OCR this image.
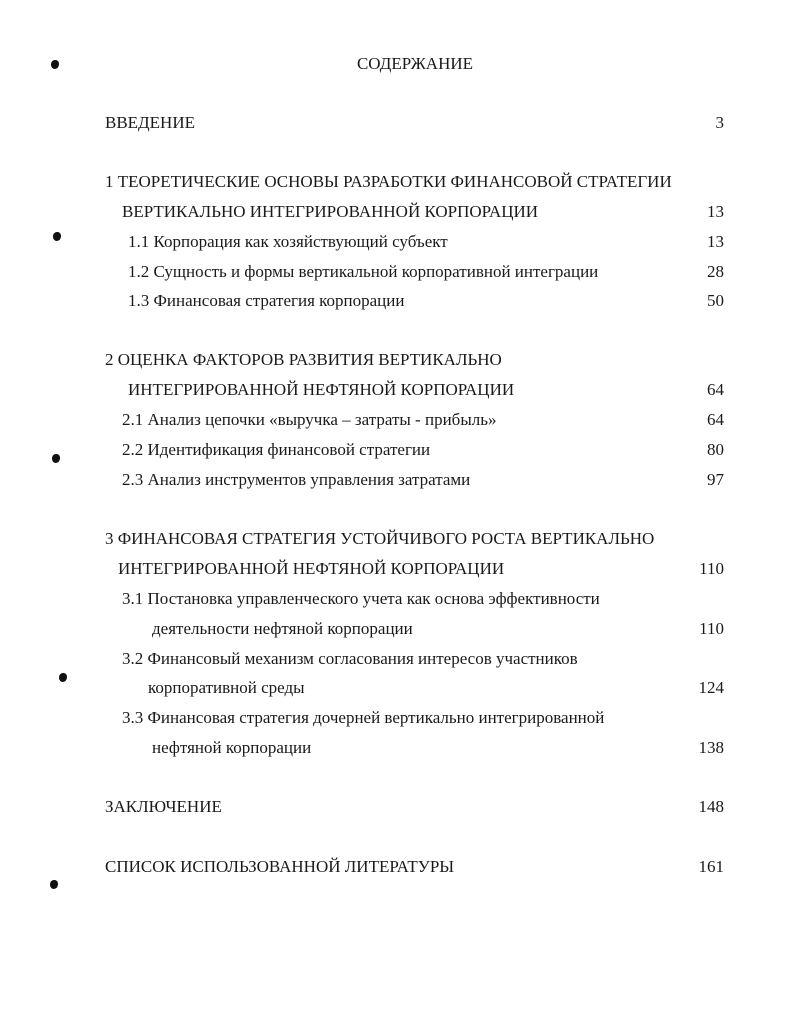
СОДЕРЖАНИЕ
ВВЕДЕНИЕ	3
1 ТЕОРЕТИЧЕСКИЕ ОСНОВЫ РАЗРАБОТКИ ФИНАНСОВОЙ СТРАТЕГИИ
ВЕРТИКАЛЬНО ИНТЕГРИРОВАННОЙ КОРПОРАЦИИ	13
1.1 Корпорация как хозяйствующий субъект	13
1.2 Сущность и формы вертикальной корпоративной интеграции	28
1.3 Финансовая стратегия корпорации	50
2 ОЦЕНКА ФАКТОРОВ РАЗВИТИЯ ВЕРТИКАЛЬНО
ИНТЕГРИРОВАННОЙ НЕФТЯНОЙ КОРПОРАЦИИ	64
2.1 Анализ цепочки «выручка – затраты - прибыль»	64
2.2 Идентификация финансовой стратегии	80
2.3 Анализ инструментов управления затратами	97
3 ФИНАНСОВАЯ СТРАТЕГИЯ УСТОЙЧИВОГО РОСТА ВЕРТИКАЛЬНО
ИНТЕГРИРОВАННОЙ НЕФТЯНОЙ КОРПОРАЦИИ	110
3.1 Постановка управленческого учета как основа эффективности
деятельности нефтяной корпорации	110
3.2 Финансовый механизм согласования интересов участников
корпоративной среды	124
3.3 Финансовая стратегия дочерней вертикально интегрированной
нефтяной корпорации	138
ЗАКЛЮЧЕНИЕ	148
СПИСОК ИСПОЛЬЗОВАННОЙ ЛИТЕРАТУРЫ	161
